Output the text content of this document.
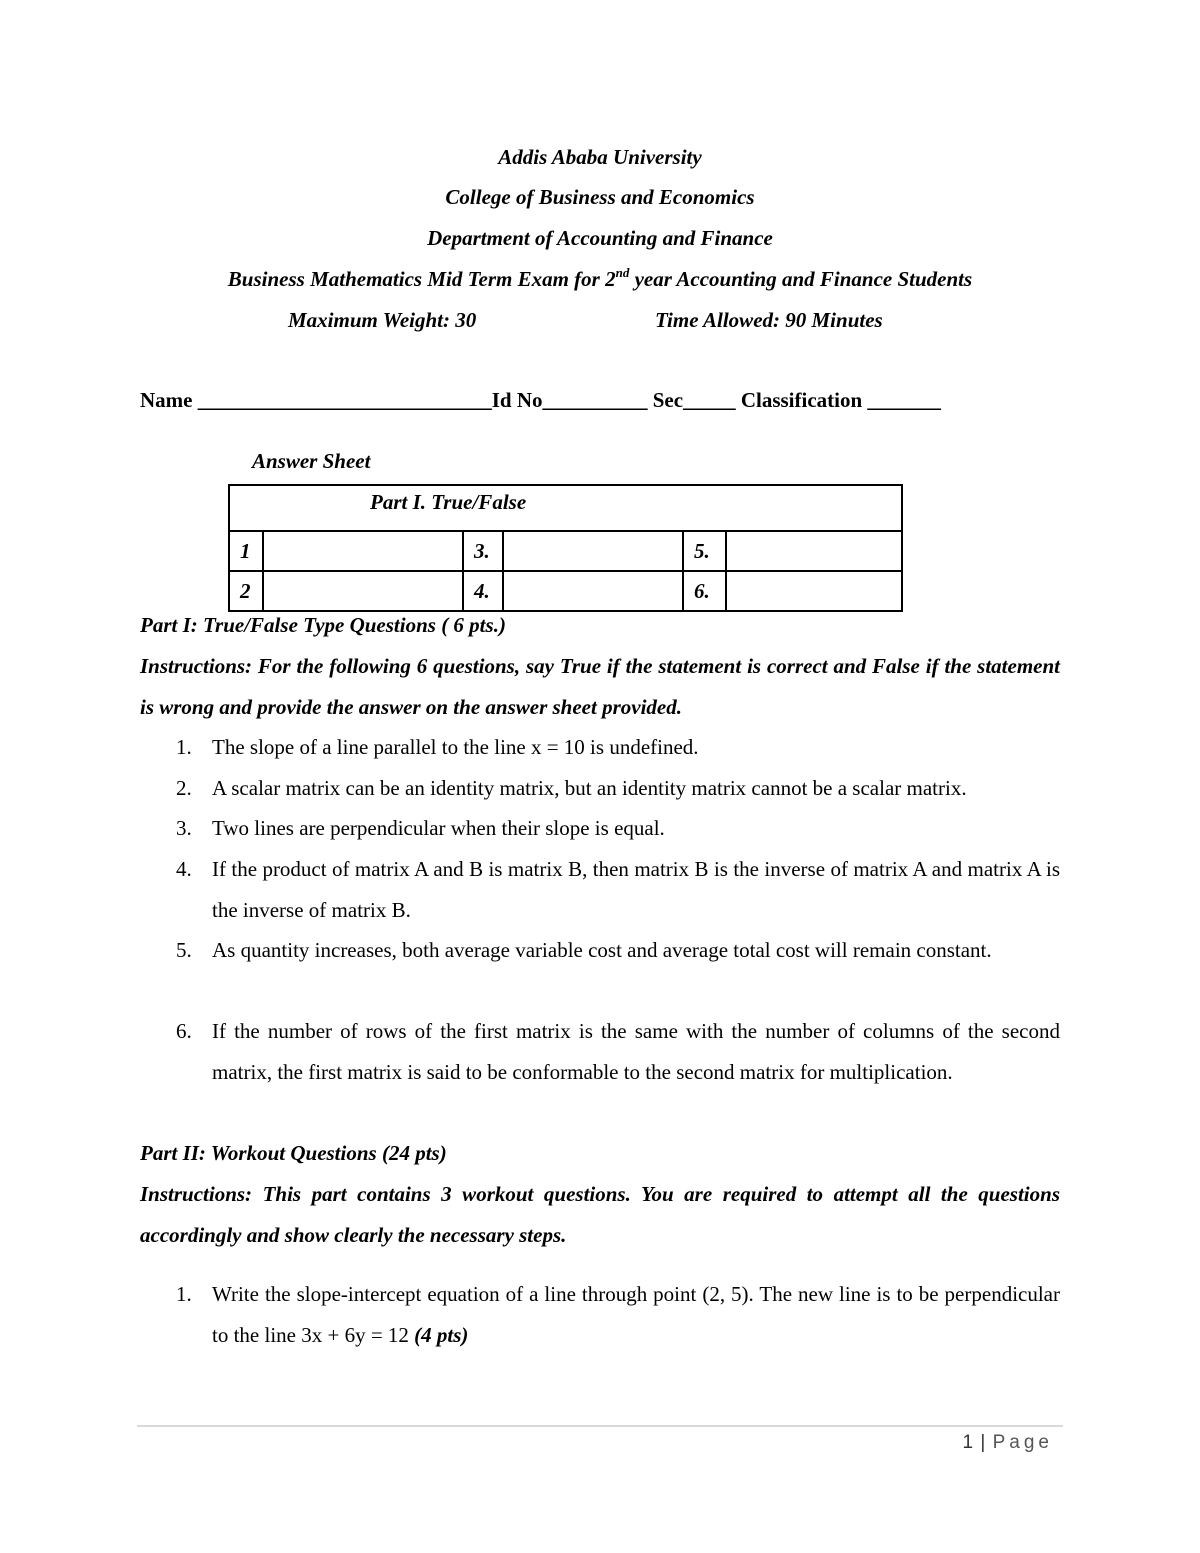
Addis Ababa University
College of Business and Economics
Department of Accounting and Finance
Business Mathematics Mid Term Exam for 2nd year Accounting and Finance Students
Maximum Weight: 30	Time Allowed: 90 Minutes
Name ____________________________Id No__________ Sec_____ Classification _______
Answer Sheet
Part I. True/False					
1		3.		5.	
2		4.		6.	
Part I: True/False Type Questions ( 6 pts.)
Instructions: For the following 6 questions, say True if the statement is correct and False if the statement is wrong and provide the answer on the answer sheet provided.
1. The slope of a line parallel to the line x = 10 is undefined.
2. A scalar matrix can be an identity matrix, but an identity matrix cannot be a scalar matrix.
3. Two lines are perpendicular when their slope is equal.
4. If the product of matrix A and B is matrix B, then matrix B is the inverse of matrix A and matrix A is the inverse of matrix B.
5. As quantity increases, both average variable cost and average total cost will remain constant.
6. If the number of rows of the first matrix is the same with the number of columns of the second matrix, the first matrix is said to be conformable to the second matrix for multiplication.
Part II: Workout Questions (24 pts)
Instructions: This part contains 3 workout questions. You are required to attempt all the questions accordingly and show clearly the necessary steps.
1. Write the slope-intercept equation of a line through point (2, 5). The new line is to be perpendicular to the line 3x + 6y = 12 (4 pts)
1 | Page
